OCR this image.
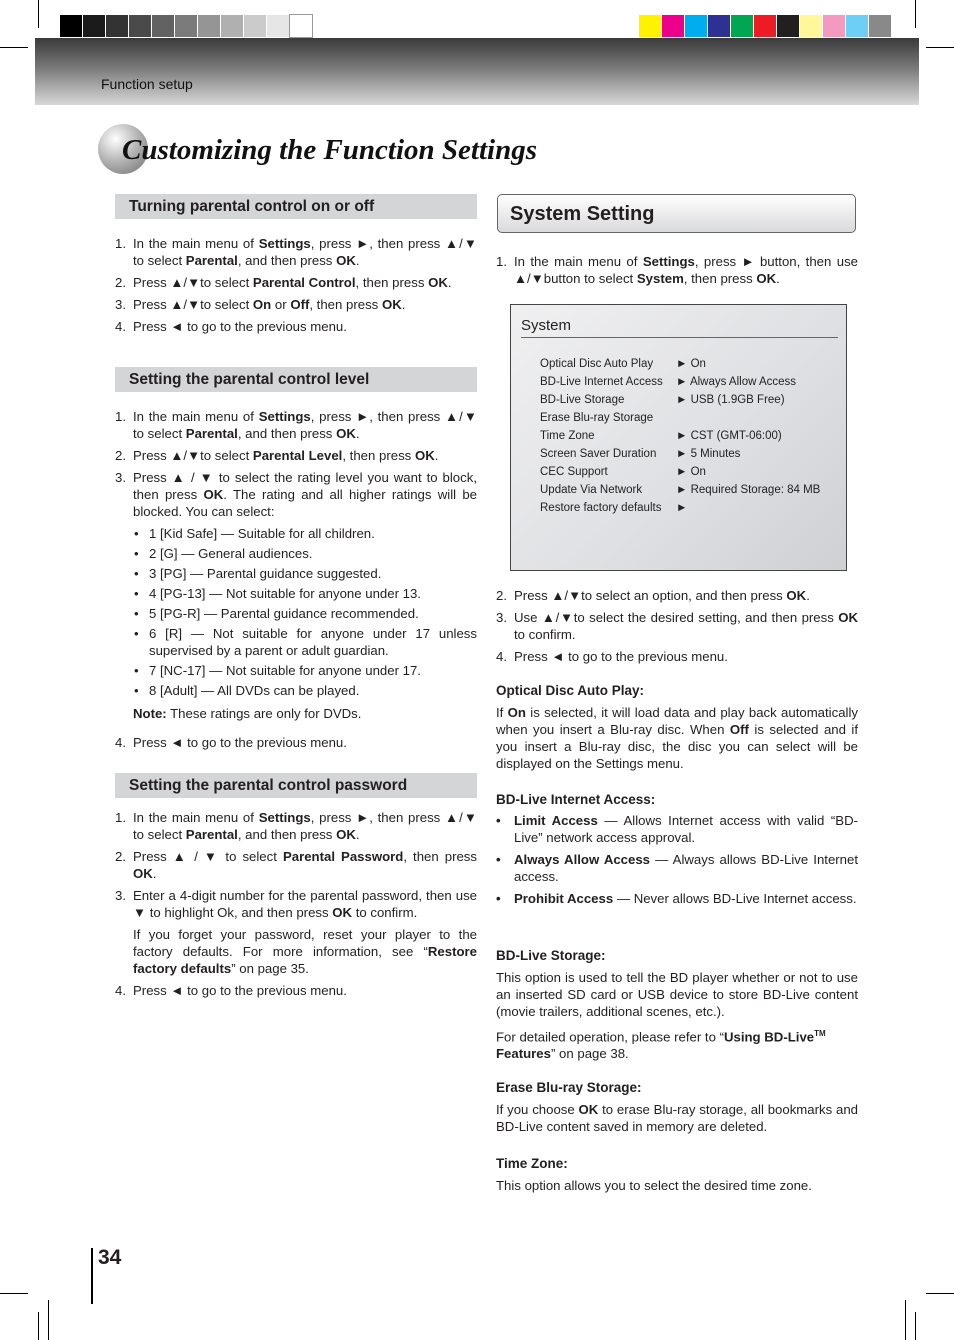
Function setup
Customizing the Function Settings
Turning parental control on or off
1. In the main menu of Settings, press ►, then press ▲/▼ to select Parental, and then press OK.
2. Press ▲/▼to select Parental Control, then press OK.
3. Press ▲/▼to select On or Off, then press OK.
4. Press ◄ to go to the previous menu.
Setting the parental control level
1. In the main menu of Settings, press ►, then press ▲/▼ to select Parental, and then press OK.
2. Press ▲/▼to select Parental Level, then press OK.
3. Press ▲ / ▼ to select the rating level you want to block, then press OK. The rating and all higher ratings will be blocked. You can select:
• 1 [Kid Safe] — Suitable for all children.
• 2 [G] — General audiences.
• 3 [PG] — Parental guidance suggested.
• 4 [PG-13] — Not suitable for anyone under 13.
• 5 [PG-R] — Parental guidance recommended.
• 6 [R] — Not suitable for anyone under 17 unless supervised by a parent or adult guardian.
• 7 [NC-17] — Not suitable for anyone under 17.
• 8 [Adult] — All DVDs can be played.
Note: These ratings are only for DVDs.
4. Press ◄ to go to the previous menu.
Setting the parental control password
1. In the main menu of Settings, press ►, then press ▲/▼ to select Parental, and then press OK.
2. Press ▲ / ▼ to select Parental Password, then press OK.
3. Enter a 4-digit number for the parental password, then use ▼ to highlight Ok, and then press OK to confirm.
If you forget your password, reset your player to the factory defaults. For more information, see “Restore factory defaults” on page 35.
4. Press ◄ to go to the previous menu.
System Setting
1. In the main menu of Settings, press ► button, then use ▲/▼button to select System, then press OK.
System
Optical Disc Auto Play ► On
BD-Live Internet Access ► Always Allow Access
BD-Live Storage	► USB (1.9GB Free)
Erase Blu-ray Storage
Time Zone	► CST (GMT-06:00)
Screen Saver Duration ► 5 Minutes
CEC Support	► On
Update Via Network	► Required Storage: 84 MB
Restore factory defaults ►
2. Press ▲/▼to select an option, and then press OK.
3. Use ▲/▼to select the desired setting, and then press OK to confirm.
4. Press ◄ to go to the previous menu.
Optical Disc Auto Play:
If On is selected, it will load data and play back automatically when you insert a Blu-ray disc. When Off is selected and if you insert a Blu-ray disc, the disc you can select will be displayed on the Settings menu.
BD-Live Internet Access:
• Limit Access — Allows Internet access with valid “BD-Live” network access approval.
• Always Allow Access — Always allows BD-Live Internet access.
• Prohibit Access — Never allows BD-Live Internet access.
BD-Live Storage:
This option is used to tell the BD player whether or not to use an inserted SD card or USB device to store BD-Live content (movie trailers, additional scenes, etc.).
For detailed operation, please refer to “Using BD-Live™
Features” on page 38.
Erase Blu-ray Storage:
If you choose OK to erase Blu-ray storage, all bookmarks and BD-Live content saved in memory are deleted.
Time Zone:
This option allows you to select the desired time zone.
34
